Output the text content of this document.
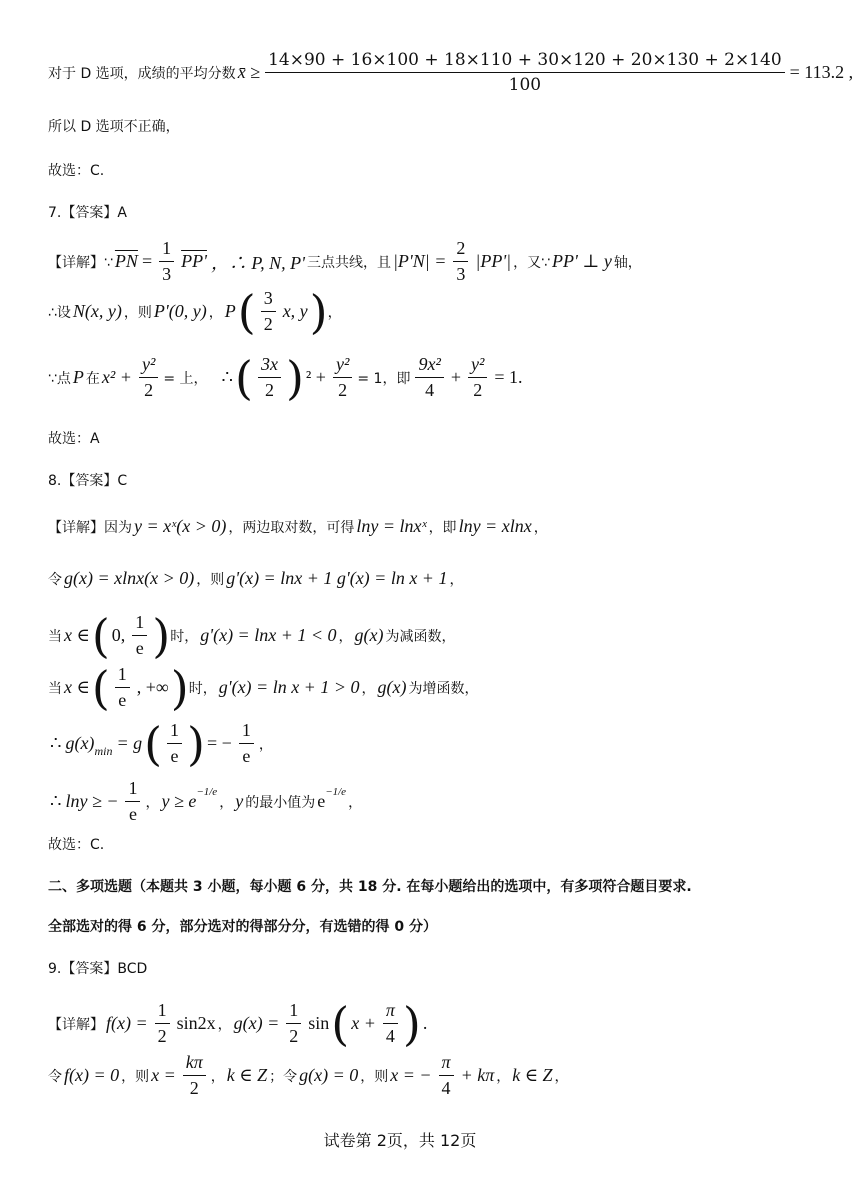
对于 D 选项，成绩的平均分数 x̄ ≥ $\frac{14\times 90 + 16\times 100 + 18\times 110 + 30\times 120 + 20\times 130 + 2\times 140}{100} = 113.2$ ,
所以 D 选项不正确，
故选：C.
7.【答案】A
【详解】∵ $\overline{PN} = \frac{1}{3} PP'$ ，∴ P, N, P' 三点共线，且 $|P'N| = \frac{2}{3} |PP'|$ ，又∵ PP' ⊥ y 轴，
∴设 N(x, y) ，则 P'(0, y) ， P ( $\frac{3}{2} x$, y ) ，
∵点 P 在 $x^2 + \frac{\text{y²}}{2}$ = 上， ∴ ( $\frac{3x}{2}$ ) $^2 + \frac{\text{y²}}{2} = 1$，即 $\frac{\text{9x²}}{4} + \frac{\text{y²}}{2} = 1$.
故选：A
8.【答案】C
【详解】因为 y = xˣ(x > 0) ，两边取对数，可得 lny = lnxˣ ，即 lny = xlnx ，
令 g(x) = xlnx(x > 0) ，则 g'(x) = lnx + 1 g'(x) = ln x + 1 ，
当 x ∈ ( 0, $\frac{1}{e}$ ) 时， g'(x) = lnx + 1 < 0 ， g(x) 为减函数，
当 x ∈ ( $\frac{1}{e}$ , +∞ ) 时， g'(x) = ln x + 1 > 0 ， g(x) 为增函数，
∴ $g(x)_{min} = g$ ( $\frac{1}{e}$ ) = − $\frac{1}{e}$ ，
∴ lny ≥ − $\frac{1}{e}$ ， $y \ge e^{-1/e}$
， y 的最小值为 $e^{-1/e}$
，
故选：C.
二、多项选题（本题共 3 小题，每小题 6 分，共 18 分. 在每小题给出的选项中，有多项符合题目要求.
全部选对的得 6 分，部分选对的得部分分，有选错的得 0 分）
9.【答案】BCD
【详解】 $f(x) = \frac{1}{2} \sin 2x$ ， $g(x) = \frac{1}{2}$ sin ( $x + \frac{\pi}{4}$ ) .
令 f(x) = 0 ，则 $x = \frac{k\pi}{2}$ ， k ∈ Z ；令 g(x) = 0 ，则 x = − $\frac{\pi}{4} + k\pi$ ， k ∈ Z ，
试卷第 2页，共 12页
